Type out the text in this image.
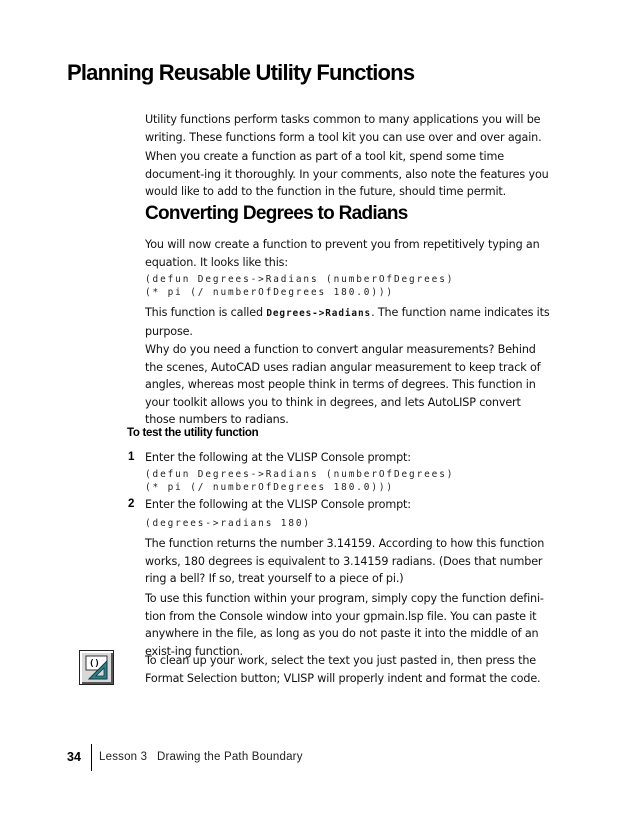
Planning Reusable Utility Functions

Utility functions perform tasks common to many applications you will be writing. These functions form a tool kit you can use over and over again.

When you create a function as part of a tool kit, spend some time document-ing it thoroughly. In your comments, also note the features you would like to add to the function in the future, should time permit.

Converting Degrees to Radians

You will now create a function to prevent you from repetitively typing an equation. It looks like this:

(defun Degrees->Radians (numberOfDegrees)
(* pi (/ numberOfDegrees 180.0)))

This function is called Degrees->Radians. The function name indicates its purpose.

Why do you need a function to convert angular measurements? Behind the scenes, AutoCAD uses radian angular measurement to keep track of angles, whereas most people think in terms of degrees. This function in your toolkit allows you to think in degrees, and lets AutoLISP convert those numbers to radians.

To test the utility function
1 Enter the following at the VLISP Console prompt:

(defun Degrees->Radians (numberOfDegrees)
(* pi (/ numberOfDegrees 180.0)))
2 Enter the following at the VLISP Console prompt:

(degrees->radians 180)

The function returns the number 3.14159. According to how this function works, 180 degrees is equivalent to 3.14159 radians. (Does that number ring a bell? If so, treat yourself to a piece of pi.)

To use this function within your program, simply copy the function defini-tion from the Console window into your gpmain.lsp file. You can paste it anywhere in the file, as long as you do not paste it into the middle of an exist-ing function.

()	To clean up your work, select the text you just pasted in, then press the Format Selection button; VLISP will properly indent and format the code.

34 Lesson 3 Drawing the Path Boundary
